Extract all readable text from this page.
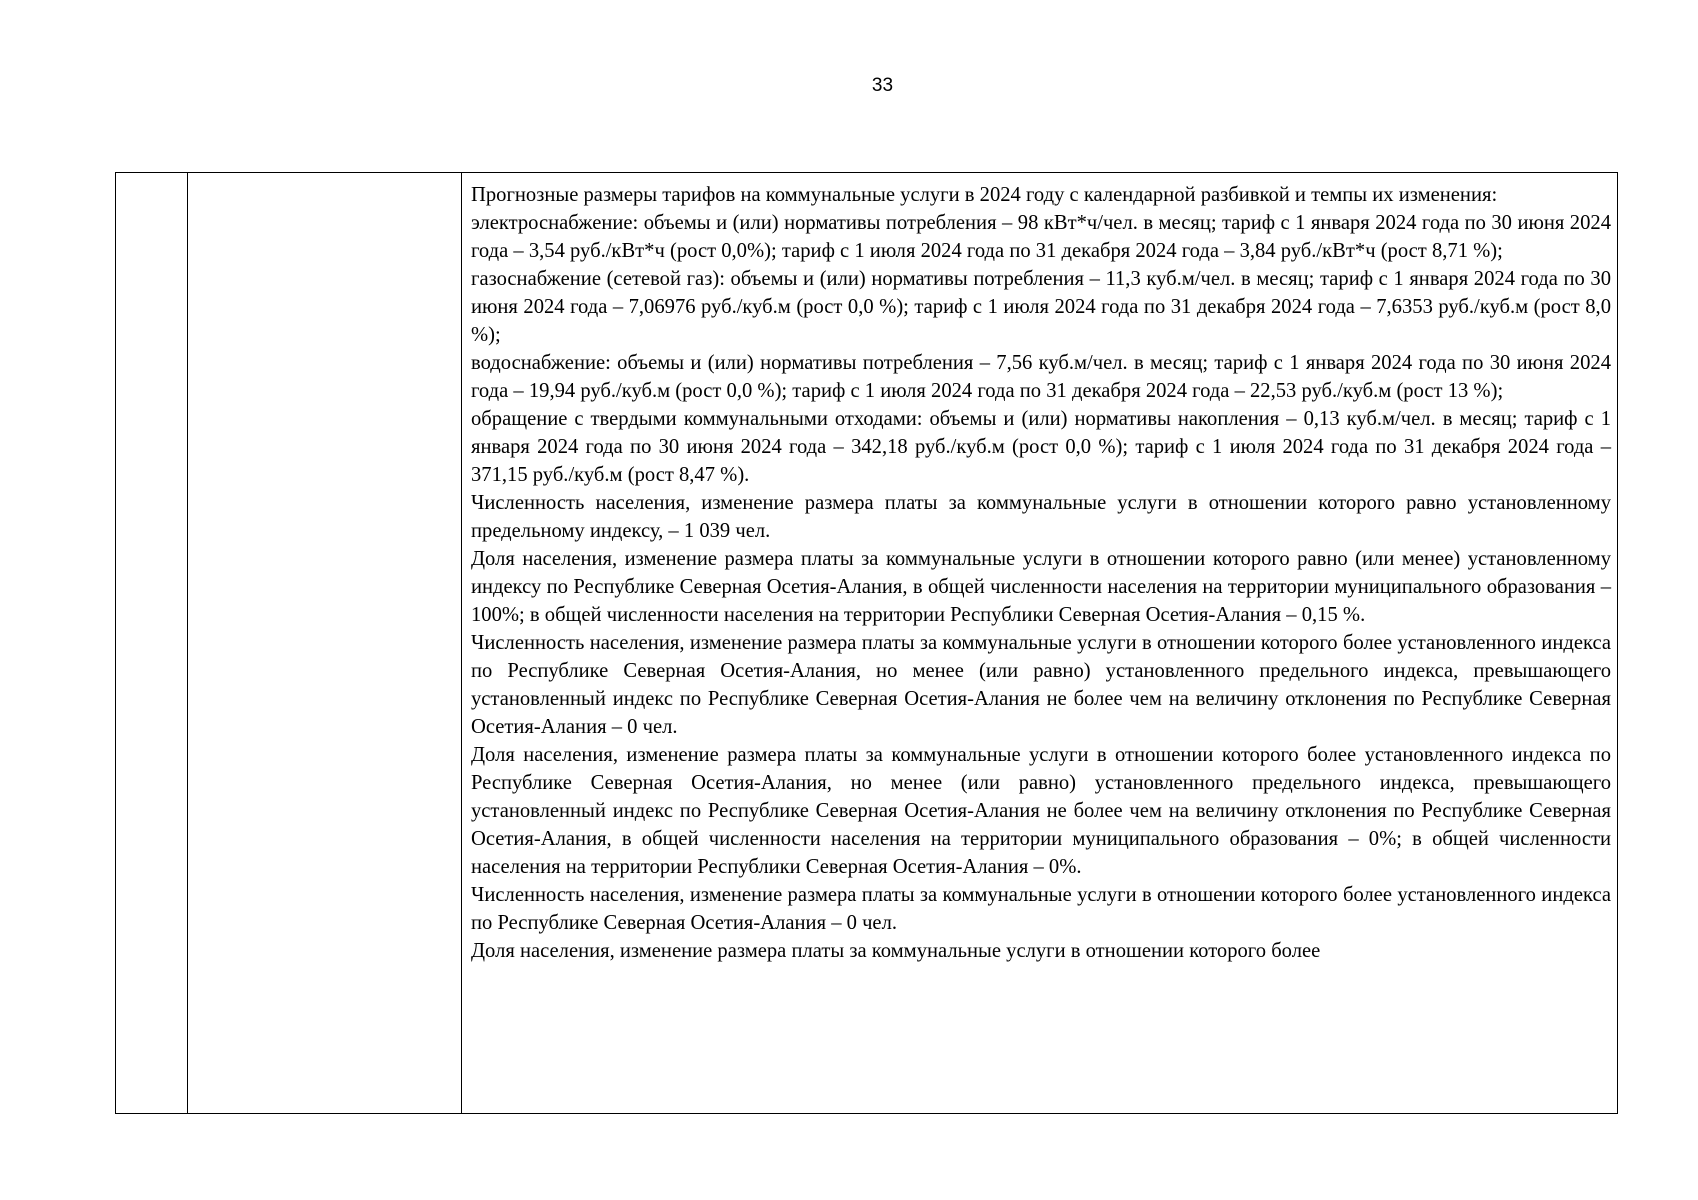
33

Прогнозные размеры тарифов на коммунальные услуги в 2024 году с календарной разбивкой и темпы их изменения:

электроснабжение: объемы и (или) нормативы потребления – 98 кВт*ч/чел. в месяц; тариф с 1 января 2024 года по 30 июня 2024 года – 3,54 руб./кВт*ч (рост 0,0%); тариф с 1 июля 2024 года по 31 декабря 2024 года – 3,84 руб./кВт*ч (рост 8,71 %);

газоснабжение (сетевой газ): объемы и (или) нормативы потребления – 11,3 куб.м/чел. в месяц; тариф с 1 января 2024 года по 30 июня 2024 года – 7,06976 руб./куб.м (рост 0,0 %); тариф с 1 июля 2024 года по 31 декабря 2024 года – 7,6353 руб./куб.м (рост 8,0 %);

водоснабжение: объемы и (или) нормативы потребления – 7,56 куб.м/чел. в месяц; тариф с 1 января 2024 года по 30 июня 2024 года – 19,94 руб./куб.м (рост 0,0 %); тариф с 1 июля 2024 года по 31 декабря 2024 года – 22,53 руб./куб.м (рост 13 %);

обращение с твердыми коммунальными отходами: объемы и (или) нормативы накопления – 0,13 куб.м/чел. в месяц; тариф с 1 января 2024 года по 30 июня 2024 года – 342,18 руб./куб.м (рост 0,0 %); тариф с 1 июля 2024 года по 31 декабря 2024 года –371,15 руб./куб.м (рост 8,47 %).

Численность населения, изменение размера платы за коммунальные услуги в отношении которого равно установленному предельному индексу, – 1 039 чел.

Доля населения, изменение размера платы за коммунальные услуги в отношении которого равно (или менее) установленному индексу по Республике Северная Осетия-Алания, в общей численности населения на территории муниципального образования – 100%; в общей численности населения на территории Республики Северная Осетия-Алания – 0,15 %.

Численность населения, изменение размера платы за коммунальные услуги в отношении которого более установленного индекса по Республике Северная Осетия-Алания, но менее (или равно) установленного предельного индекса, превышающего установленный индекс по Республике Северная Осетия-Алания не более чем на величину отклонения по Республике Северная Осетия-Алания – 0 чел.

Доля населения, изменение размера платы за коммунальные услуги в отношении которого более установленного индекса по Республике Северная Осетия-Алания, но менее (или равно) установленного предельного индекса, превышающего установленный индекс по Республике Северная Осетия-Алания не более чем на величину отклонения по Республике Северная Осетия-Алания, в общей численности населения на территории муниципального образования – 0%; в общей численности населения на территории Республики Северная Осетия-Алания – 0%.

Численность населения, изменение размера платы за коммунальные услуги в отношении которого более установленного индекса по Республике Северная Осетия-Алания – 0 чел.

Доля населения, изменение размера платы за коммунальные услуги в отношении которого более
